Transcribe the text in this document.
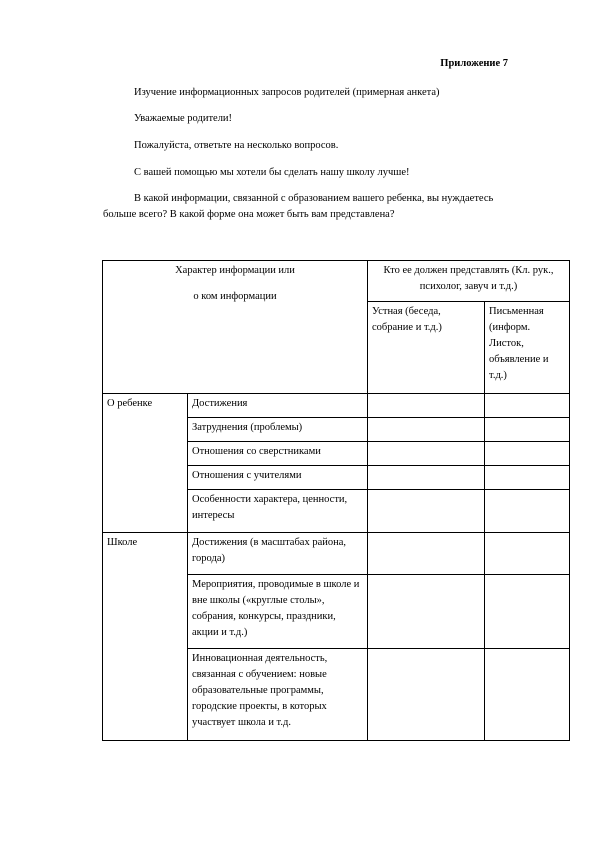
Приложение 7

Изучение информационных запросов родителей (примерная анкета)

Уважаемые родители!

Пожалуйста, ответьте на несколько вопросов.

С вашей помощью мы хотели бы сделать нашу школу лучше!

В какой информации, связанной с образованием вашего ребенка, вы нуждаетесь больше всего? В какой форме она может быть вам представлена?

Характер информации или
о ком информации		Кто ее должен представлять (Кл. рук., психолог, завуч и т.д.)	
		Устная (беседа, собрание и т.д.)	Письменная (информ. Листок, объявление и т.д.)
О ребенке	Достижения		
	Затруднения (проблемы)		
	Отношения со сверстниками		
	Отношения с учителями		
	Особенности характера, ценности, интересы		
Школе	Достижения (в масштабах района, города)		
	Мероприятия, проводимые в школе и вне школы («круглые столы», собрания, конкурсы, праздники, акции и т.д.)		
	Инновационная деятельность, связанная с обучением: новые образовательные программы, городские проекты, в которых участвует школа и т.д.		
